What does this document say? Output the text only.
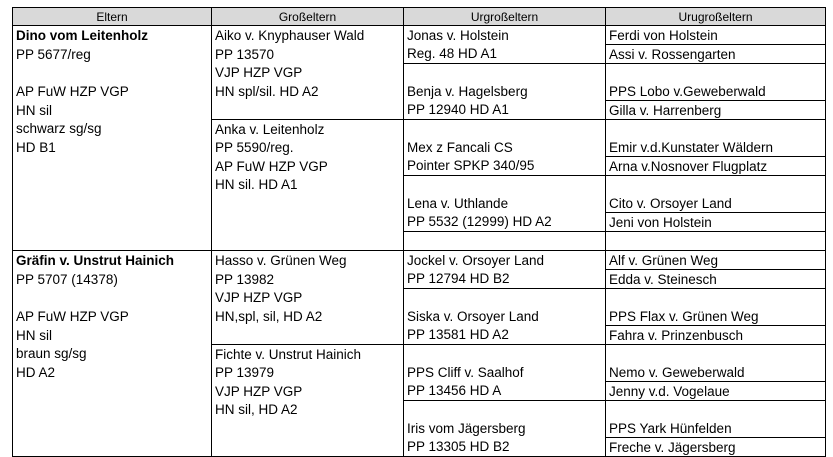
Eltern	Großeltern	Urgroßeltern	Urugroßeltern
Dino vom Leitenholz	Aiko v. Knyphauser Wald	Jonas v. Holstein	Ferdi von Holstein
PP 5677/reg	PP 13570	Reg. 48 HD A1	Assi v. Rossengarten
	VJP HZP VGP		
AP FuW HZP VGP	HN spl/sil. HD A2	Benja v. Hagelsberg	PPS Lobo v.Geweberwald
HN sil		PP 12940 HD A1	Gilla v. Harrenberg
schwarz sg/sg	Anka v. Leitenholz		
HD B1	PP 5590/reg.	Mex z Fancali CS	Emir v.d.Kunstater Wäldern
	AP FuW HZP VGP	Pointer SPKP 340/95	Arna v.Nosnover Flugplatz
	HN sil. HD A1		
		Lena v. Uthlande	Cito v. Orsoyer Land
		PP 5532 (12999) HD A2	Jeni von Holstein

Gräfin v. Unstrut Hainich	Hasso v. Grünen Weg	Jockel v. Orsoyer Land	Alf v. Grünen Weg
PP 5707 (14378)	PP 13982	PP 12794 HD B2	Edda v. Steinesch
	VJP HZP VGP		
AP FuW HZP VGP	HN,spl, sil, HD A2	Siska v. Orsoyer Land	PPS Flax v. Grünen Weg
HN sil		PP 13581 HD A2	Fahra v. Prinzenbusch
braun sg/sg	Fichte v. Unstrut Hainich		
HD A2	PP 13979	PPS Cliff v. Saalhof	Nemo v. Geweberwald
	VJP HZP VGP	PP 13456 HD A	Jenny v.d. Vogelaue
	HN sil, HD A2		
		Iris vom Jägersberg	PPS Yark Hünfelden
		PP 13305 HD B2	Freche v. Jägersberg
